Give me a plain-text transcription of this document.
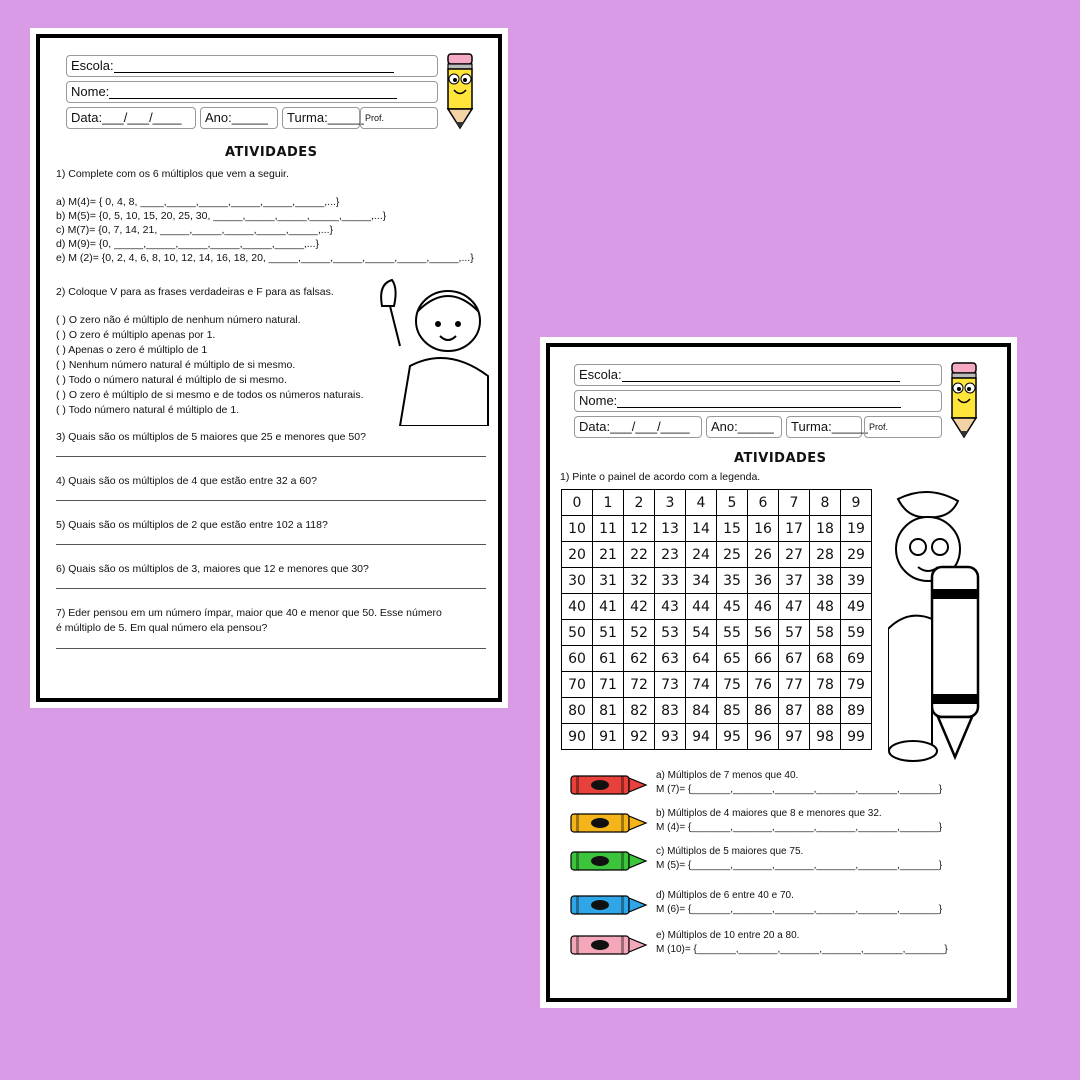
Escola:
Nome:
Data:___/___/____	Ano:_____	Turma:_____ Prof.
ATIVIDADES
1) Complete com os 6 múltiplos que vem a seguir.
a) M(4)= { 0, 4, 8, ____,_____,_____,_____,_____,_____,...}
b) M(5)= {0, 5, 10, 15, 20, 25, 30, _____,_____,_____,_____,_____,...}
c) M(7)= {0, 7, 14, 21, _____,_____,_____,_____,_____,...}
d) M(9)= {0, _____,_____,_____,_____,_____,_____,...}
e) M (2)= {0, 2, 4, 6, 8, 10, 12, 14, 16, 18, 20, _____,_____,_____,_____,_____,_____,...}
2) Coloque V para as frases verdadeiras e F para as falsas.
( ) O zero não é múltiplo de nenhum número natural.
( ) O zero é múltiplo apenas por 1.
( ) Apenas o zero é múltiplo de 1
( ) Nenhum número natural é múltiplo de si mesmo.
( ) Todo o número natural é múltiplo de si mesmo.
( ) O zero é múltiplo de si mesmo e de todos os números naturais.
( ) Todo número natural é múltiplo de 1.
3) Quais são os múltiplos de 5 maiores que 25 e menores que 50?
4) Quais são os múltiplos de 4 que estão entre 32 a 60?
5) Quais são os múltiplos de 2 que estão entre 102 a 118?
6) Quais são os múltiplos de 3, maiores que 12 e menores que 30?
7) Eder pensou em um número ímpar, maior que 40 e menor que 50. Esse número
é múltiplo de 5. Em qual número ela pensou?
Escola:
Nome:
Data:___/___/____	Ano:_____	Turma:_____ Prof.
ATIVIDADES
1) Pinte o painel de acordo com a legenda.
0	1	2	3	4	5	6	7	8	9
10	11	12	13	14	15	16	17	18	19
20	21	22	23	24	25	26	27	28	29
30	31	32	33	34	35	36	37	38	39
40	41	42	43	44	45	46	47	48	49
50	51	52	53	54	55	56	57	58	59
60	61	62	63	64	65	66	67	68	69
70	71	72	73	74	75	76	77	78	79
80	81	82	83	84	85	86	87	88	89
90	91	92	93	94	95	96	97	98	99
a) Múltiplos de 7 menos que 40.
M (7)= {_______,_______,_______,_______,_______,_______}
b) Múltiplos de 4 maiores que 8 e menores que 32.
M (4)= {_______,_______,_______,_______,_______,_______}
c) Múltiplos de 5 maiores que 75.
M (5)= {_______,_______,_______,_______,_______,_______}
d) Múltiplos de 6 entre 40 e 70.
M (6)= {_______,_______,_______,_______,_______,_______}
e) Múltiplos de 10 entre 20 a 80.
M (10)= {_______,_______,_______,_______,_______,_______}
